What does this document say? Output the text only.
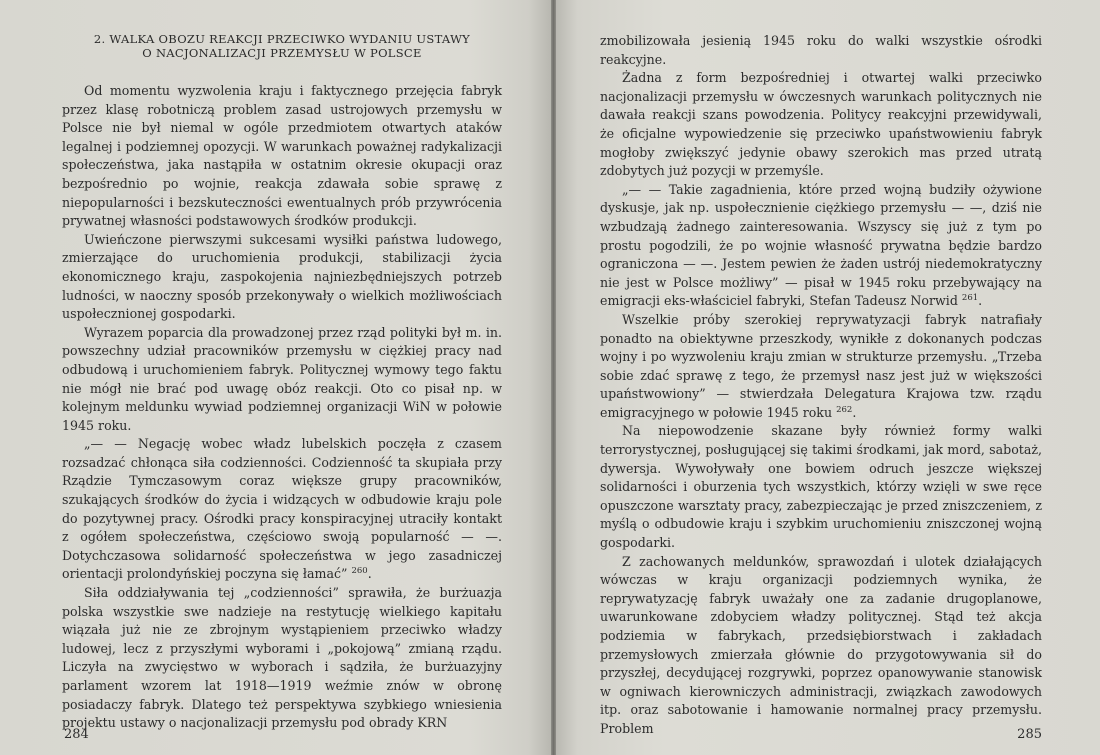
2. WALKA OBOZU REAKCJI PRZECIWKO WYDANIU USTAWY
O NACJONALIZACJI PRZEMYSŁU W POLSCE

Od momentu wyzwolenia kraju i faktycznego przejęcia fabryk przez klasę robotniczą problem zasad ustrojowych przemysłu w Polsce nie był niemal w ogóle przedmiotem otwartych ataków legalnej i podziemnej opozycji. W warunkach poważnej radykalizacji społeczeństwa, jaka nastąpiła w ostatnim okresie okupacji oraz bezpośrednio po wojnie, reakcja zdawała sobie sprawę z niepopularności i bezskuteczności ewentualnych prób przywrócenia prywatnej własności podstawowych środków produkcji.

Uwieńczone pierwszymi sukcesami wysiłki państwa ludowego, zmierzające do uruchomienia produkcji, stabilizacji życia ekonomicznego kraju, zaspokojenia najniezbędniejszych potrzeb ludności, w naoczny sposób przekonywały o wielkich możliwościach uspołecznionej gospodarki.

Wyrazem poparcia dla prowadzonej przez rząd polityki był m. in. powszechny udział pracowników przemysłu w ciężkiej pracy nad odbudową i uruchomieniem fabryk. Politycznej wymowy tego faktu nie mógł nie brać pod uwagę obóz reakcji. Oto co pisał np. w kolejnym meldunku wywiad podziemnej organizacji WiN w połowie 1945 roku.

„— — Negację wobec władz lubelskich poczęła z czasem rozsadzać chłonąca siła codzienności. Codzienność ta skupiała przy Rządzie Tymczasowym coraz większe grupy pracowników, szukających środków do życia i widzących w odbudowie kraju pole do pozytywnej pracy. Ośrodki pracy konspiracyjnej utraciły kontakt z ogółem społeczeństwa, częściowo swoją popularność — —. Dotychczasowa solidarność społeczeństwa w jego zasadniczej orientacji prolondyńskiej poczyna się łamać” $^{260}$.

Siła oddziaływania tej „codzienności” sprawiła, że burżuazja polska wszystkie swe nadzieje na restytucję wielkiego kapitału wiązała już nie ze zbrojnym wystąpieniem przeciwko władzy ludowej, lecz z przyszłymi wyborami i „pokojową” zmianą rządu. Liczyła na zwycięstwo w wyborach i sądziła, że burżuazyjny parlament wzorem lat 1918—1919 weźmie znów w obronę posiadaczy fabryk. Dlatego też perspektywa szybkiego wniesienia projektu ustawy o nacjonalizacji przemysłu pod obrady KRN

284

zmobilizowała jesienią 1945 roku do walki wszystkie ośrodki reakcyjne.

Żadna z form bezpośredniej i otwartej walki przeciwko nacjonalizacji przemysłu w ówczesnych warunkach politycznych nie dawała reakcji szans powodzenia. Politycy reakcyjni przewidywali, że oficjalne wypowiedzenie się przeciwko upaństwowieniu fabryk mogłoby zwiększyć jedynie obawy szerokich mas przed utratą zdobytych już pozycji w przemyśle.

„— — Takie zagadnienia, które przed wojną budziły ożywione dyskusje, jak np. uspołecznienie ciężkiego przemysłu — —, dziś nie wzbudzają żadnego zainteresowania. Wszyscy się już z tym po prostu pogodzili, że po wojnie własność prywatna będzie bardzo ograniczona — —. Jestem pewien że żaden ustrój niedemokratyczny nie jest w Polsce możliwy” — pisał w 1945 roku przebywający na emigracji eks-właściciel fabryki, Stefan Tadeusz Norwid $^{261}$.

Wszelkie próby szerokiej reprywatyzacji fabryk natrafiały ponadto na obiektywne przeszkody, wynikłe z dokonanych podczas wojny i po wyzwoleniu kraju zmian w strukturze przemysłu. „Trzeba sobie zdać sprawę z tego, że przemysł nasz jest już w większości upaństwowiony” — stwierdzała Delegatura Krajowa tzw. rządu emigracyjnego w połowie 1945 roku $^{262}$.

Na niepowodzenie skazane były również formy walki terrorystycznej, posługującej się takimi środkami, jak mord, sabotaż, dywersja. Wywoływały one bowiem odruch jeszcze większej solidarności i oburzenia tych wszystkich, którzy wzięli w swe ręce opuszczone warsztaty pracy, zabezpieczając je przed zniszczeniem, z myślą o odbudowie kraju i szybkim uruchomieniu zniszczonej wojną gospodarki.

Z zachowanych meldunków, sprawozdań i ulotek działających wówczas w kraju organizacji podziemnych wynika, że reprywatyzację fabryk uważały one za zadanie drugoplanowe, uwarunkowane zdobyciem władzy politycznej. Stąd też akcja podziemia w fabrykach, przedsiębiorstwach i zakładach przemysłowych zmierzała głównie do przygotowywania sił do przyszłej, decydującej rozgrywki, poprzez opanowywanie stanowisk w ogniwach kierowniczych administracji, związkach zawodowych itp. oraz sabotowanie i hamowanie normalnej pracy przemysłu. Problem	285
